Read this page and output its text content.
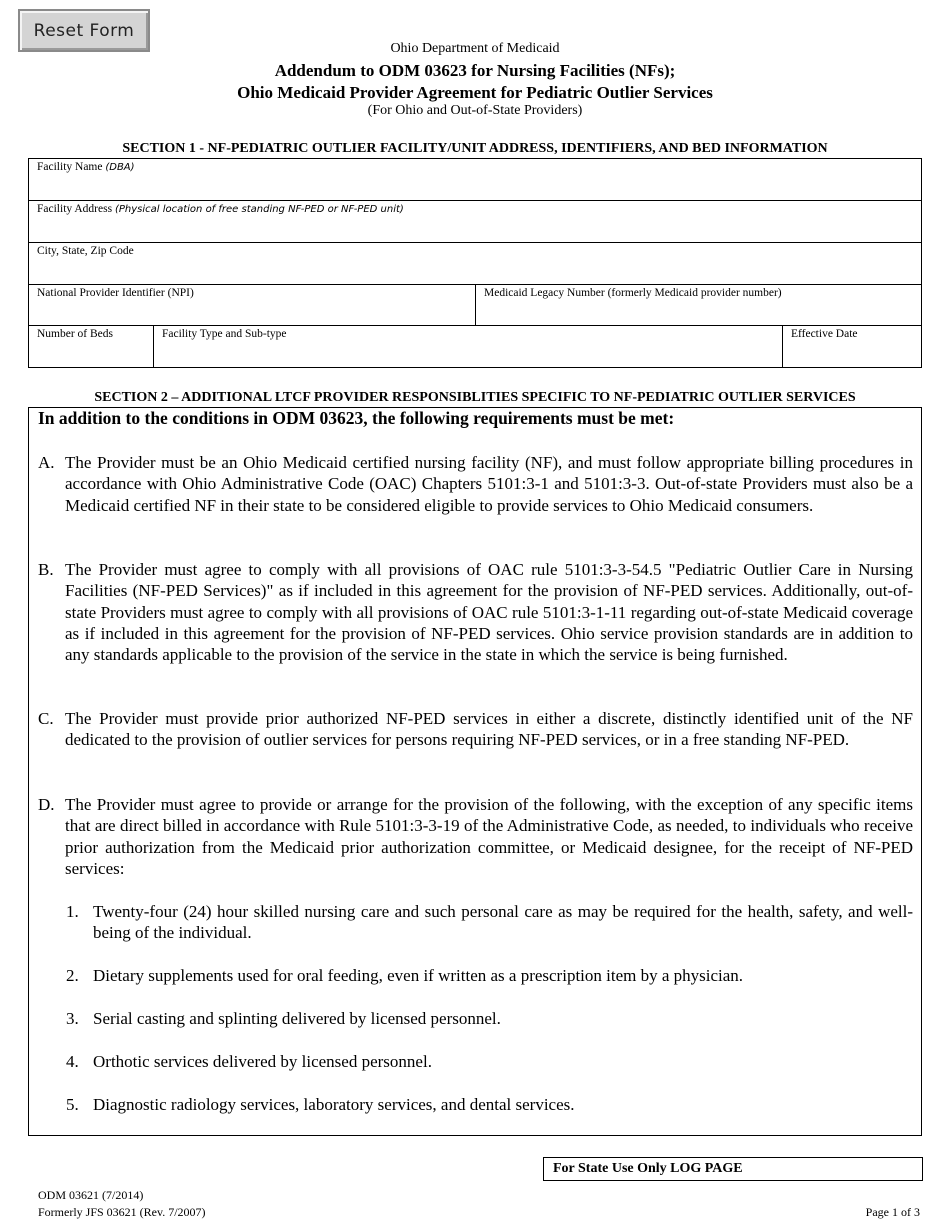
Reset Form
Ohio Department of Medicaid
Addendum to ODM 03623 for Nursing Facilities (NFs);
Ohio Medicaid Provider Agreement for Pediatric Outlier Services
(For Ohio and Out-of-State Providers)
SECTION 1 - NF-PEDIATRIC OUTLIER FACILITY/UNIT ADDRESS, IDENTIFIERS, AND BED INFORMATION
Facility Name (DBA)
Facility Address (Physical location of free standing NF-PED or NF-PED unit)
City, State, Zip Code
National Provider Identifier (NPI)	Medicaid Legacy Number (formerly Medicaid provider number)
Number of Beds	Facility Type and Sub-type	Effective Date
SECTION 2 – ADDITIONAL LTCF PROVIDER RESPONSIBLITIES SPECIFIC TO NF-PEDIATRIC OUTLIER SERVICES
In addition to the conditions in ODM 03623, the following requirements must be met:
A. The Provider must be an Ohio Medicaid certified nursing facility (NF), and must follow appropriate billing procedures in accordance with Ohio Administrative Code (OAC) Chapters 5101:3-1 and 5101:3-3. Out-of-state Providers must also be a Medicaid certified NF in their state to be considered eligible to provide services to Ohio Medicaid consumers.
B. The Provider must agree to comply with all provisions of OAC rule 5101:3-3-54.5 "Pediatric Outlier Care in Nursing Facilities (NF-PED Services)" as if included in this agreement for the provision of NF-PED services. Additionally, out-of-state Providers must agree to comply with all provisions of OAC rule 5101:3-1-11 regarding out-of-state Medicaid coverage as if included in this agreement for the provision of NF-PED services. Ohio service provision standards are in addition to any standards applicable to the provision of the service in the state in which the service is being furnished.
C. The Provider must provide prior authorized NF-PED services in either a discrete, distinctly identified unit of the NF dedicated to the provision of outlier services for persons requiring NF-PED services, or in a free standing NF-PED.
D. The Provider must agree to provide or arrange for the provision of the following, with the exception of any specific items that are direct billed in accordance with Rule 5101:3-3-19 of the Administrative Code, as needed, to individuals who receive prior authorization from the Medicaid prior authorization committee, or Medicaid designee, for the receipt of NF-PED services:
1. Twenty-four (24) hour skilled nursing care and such personal care as may be required for the health, safety, and well-being of the individual.
2. Dietary supplements used for oral feeding, even if written as a prescription item by a physician.
3. Serial casting and splinting delivered by licensed personnel.
4. Orthotic services delivered by licensed personnel.
5. Diagnostic radiology services, laboratory services, and dental services.
For State Use Only LOG PAGE
ODM 03621 (7/2014)
Formerly JFS 03621 (Rev. 7/2007)	Page 1 of 3
